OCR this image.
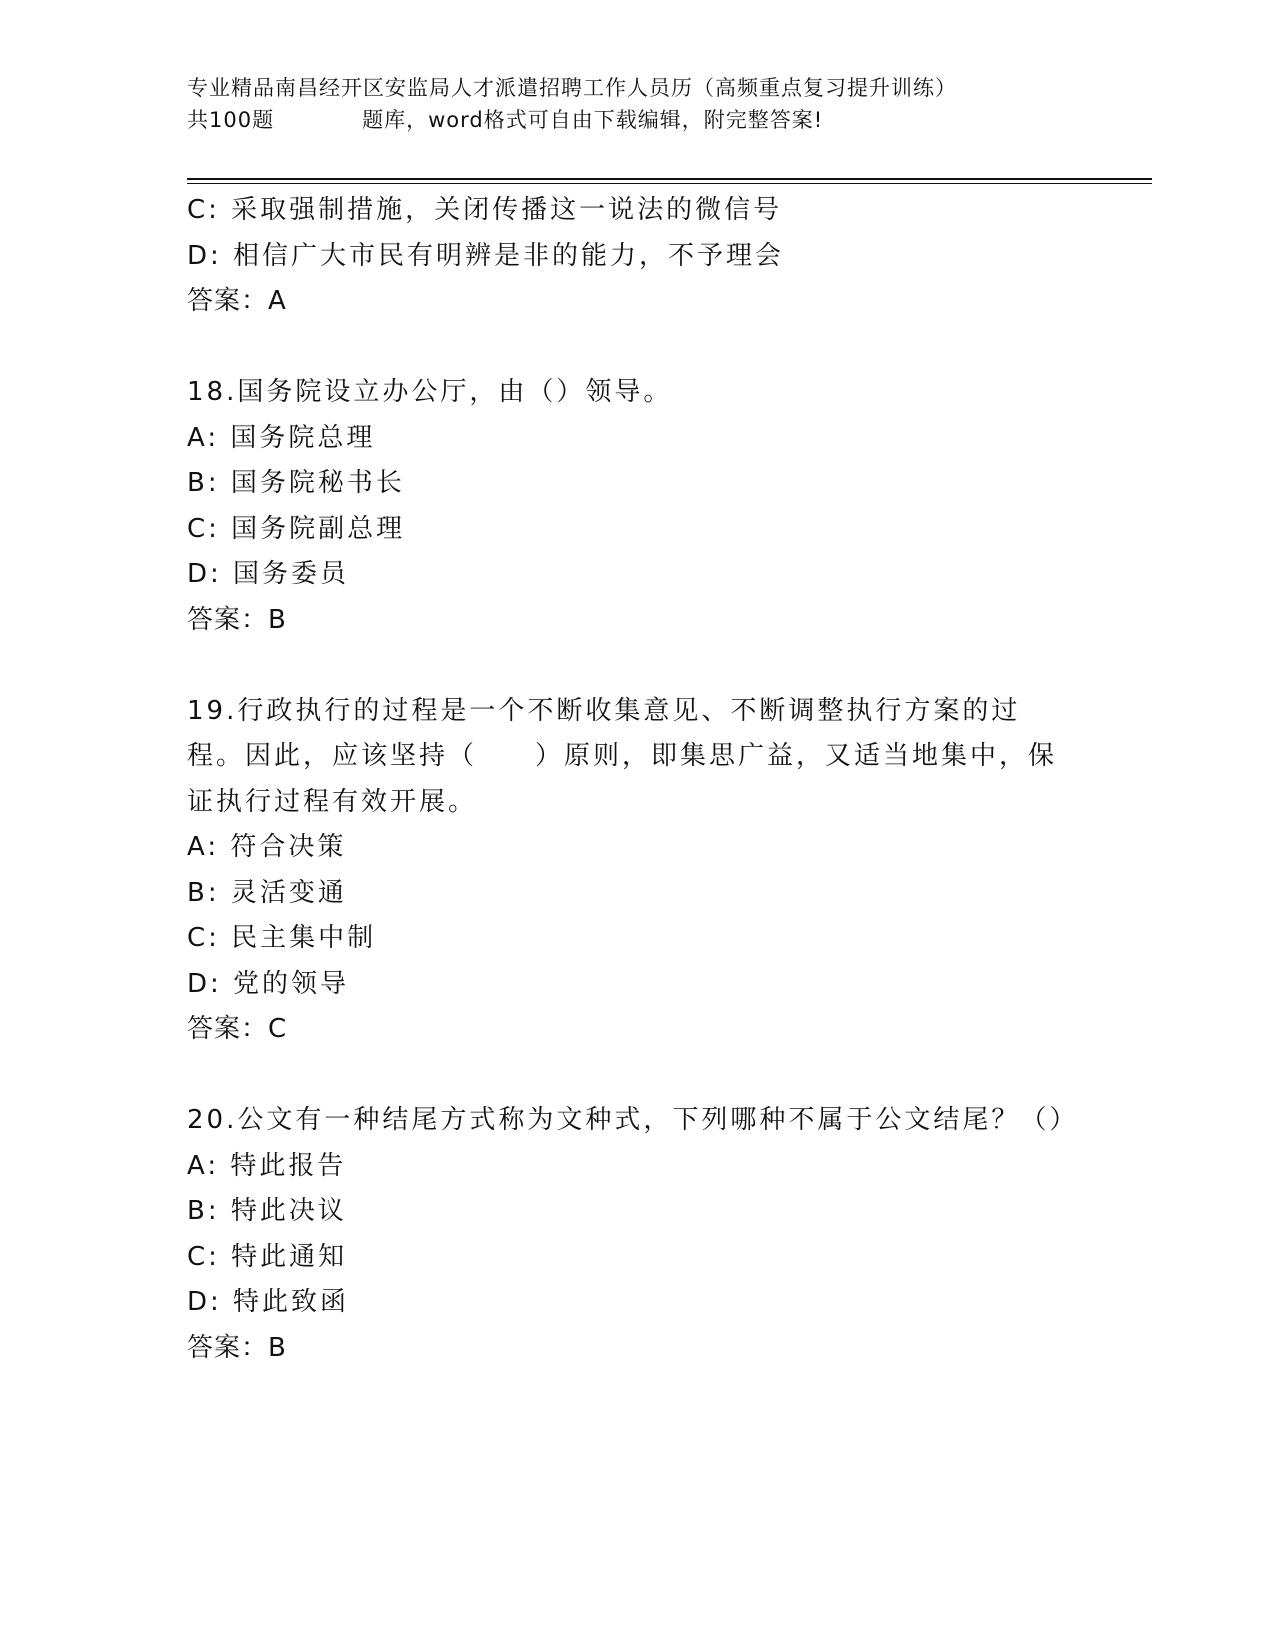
专业精品南昌经开区安监局人才派遣招聘工作人员历（高频重点复习提升训练）
共100题　　　　题库，word格式可自由下载编辑，附完整答案!
C: 采取强制措施，关闭传播这一说法的微信号
D: 相信广大市民有明辨是非的能力，不予理会
答案：A
18.国务院设立办公厅，由（）领导。
A: 国务院总理
B: 国务院秘书长
C: 国务院副总理
D: 国务委员
答案：B
19.行政执行的过程是一个不断收集意见、不断调整执行方案的过程。因此，应该坚持（　　）原则，即集思广益，又适当地集中，保证执行过程有效开展。
A: 符合决策
B: 灵活变通
C: 民主集中制
D: 党的领导
答案：C
20.公文有一种结尾方式称为文种式，下列哪种不属于公文结尾？（）
A: 特此报告
B: 特此决议
C: 特此通知
D: 特此致函
答案：B
